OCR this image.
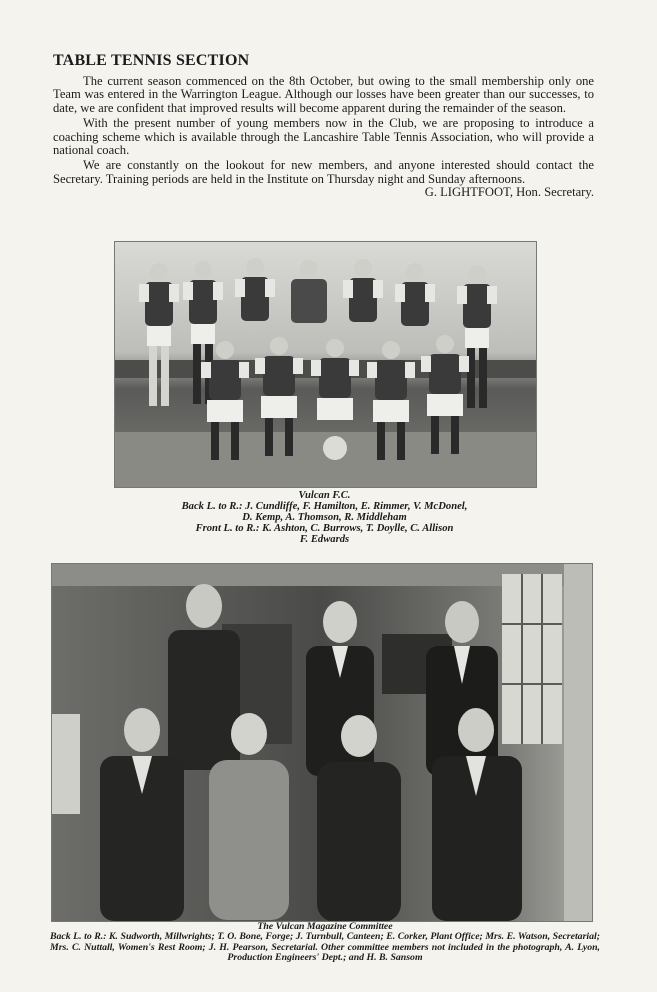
TABLE TENNIS SECTION

The current season commenced on the 8th October, but owing to the small membership only one Team was entered in the Warrington League. Although our losses have been greater than our successes, to date, we are confident that improved results will become apparent during the remainder of the season.

With the present number of young members now in the Club, we are proposing to introduce a coaching scheme which is available through the Lancashire Table Tennis Association, who will provide a national coach.

We are constantly on the lookout for new members, and anyone interested should contact the Secretary. Training periods are held in the Institute on Thursday night and Sunday afternoons.
G. LIGHTFOOT, Hon. Secretary.

Vulcan F.C.
Back L. to R.: J. Cundliffe, F. Hamilton, E. Rimmer, V. McDonel,
D. Kemp, A. Thomson, R. Middleham
Front L. to R.: K. Ashton, C. Burrows, T. Doylle, C. Allison
F. Edwards
The Vulcan Magazine Committee
Back L. to R.: K. Sudworth, Millwrights; T. O. Bone, Forge; J. Turnbull, Canteen; E. Corker, Plant Office; Mrs. E. Watson, Secretarial; Mrs. C. Nuttall, Women's Rest Room; J. H. Pearson, Secretarial. Other committee members not included in the photograph, A. Lyon, Production Engineers' Dept.; and H. B. Sansom
